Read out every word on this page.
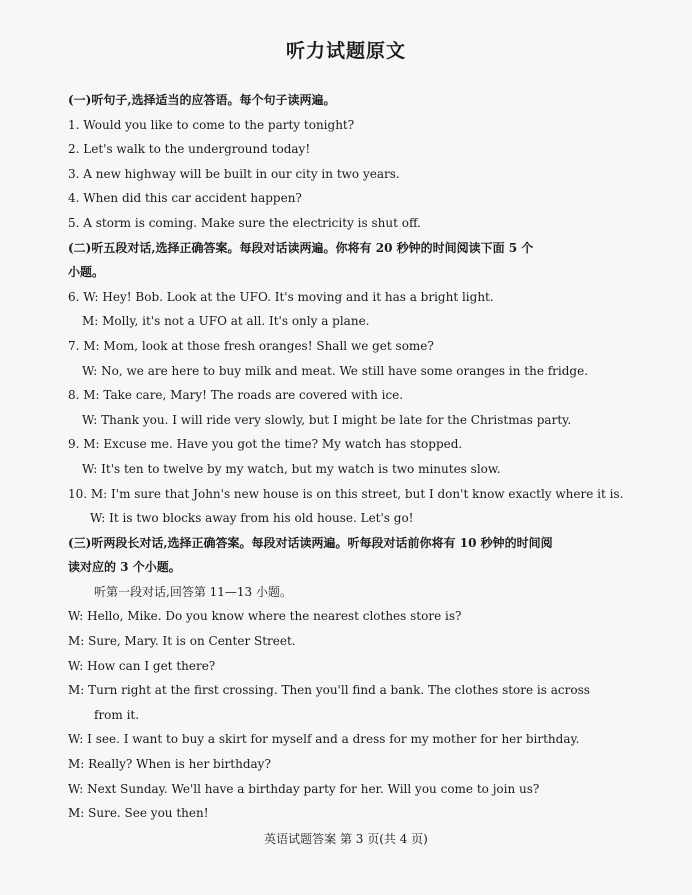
听力试题原文
(一)听句子,选择适当的应答语。每个句子读两遍。
1. Would you like to come to the party tonight?
2. Let's walk to the underground today!
3. A new highway will be built in our city in two years.
4. When did this car accident happen?
5. A storm is coming. Make sure the electricity is shut off.
(二)听五段对话,选择正确答案。每段对话读两遍。你将有 20 秒钟的时间阅读下面 5 个
小题。
6. W: Hey! Bob. Look at the UFO. It's moving and it has a bright light.
M: Molly, it's not a UFO at all. It's only a plane.
7. M: Mom, look at those fresh oranges! Shall we get some?
W: No, we are here to buy milk and meat. We still have some oranges in the fridge.
8. M: Take care, Mary! The roads are covered with ice.
W: Thank you. I will ride very slowly, but I might be late for the Christmas party.
9. M: Excuse me. Have you got the time? My watch has stopped.
W: It's ten to twelve by my watch, but my watch is two minutes slow.
10. M: I'm sure that John's new house is on this street, but I don't know exactly where it is.
W: It is two blocks away from his old house. Let's go!
(三)听两段长对话,选择正确答案。每段对话读两遍。听每段对话前你将有 10 秒钟的时间阅
读对应的 3 个小题。
听第一段对话,回答第 11—13 小题。
W: Hello, Mike. Do you know where the nearest clothes store is?
M: Sure, Mary. It is on Center Street.
W: How can I get there?
M: Turn right at the first crossing. Then you'll find a bank. The clothes store is across
from it.
W: I see. I want to buy a skirt for myself and a dress for my mother for her birthday.
M: Really? When is her birthday?
W: Next Sunday. We'll have a birthday party for her. Will you come to join us?
M: Sure. See you then!
英语试题答案 第 3 页(共 4 页)
